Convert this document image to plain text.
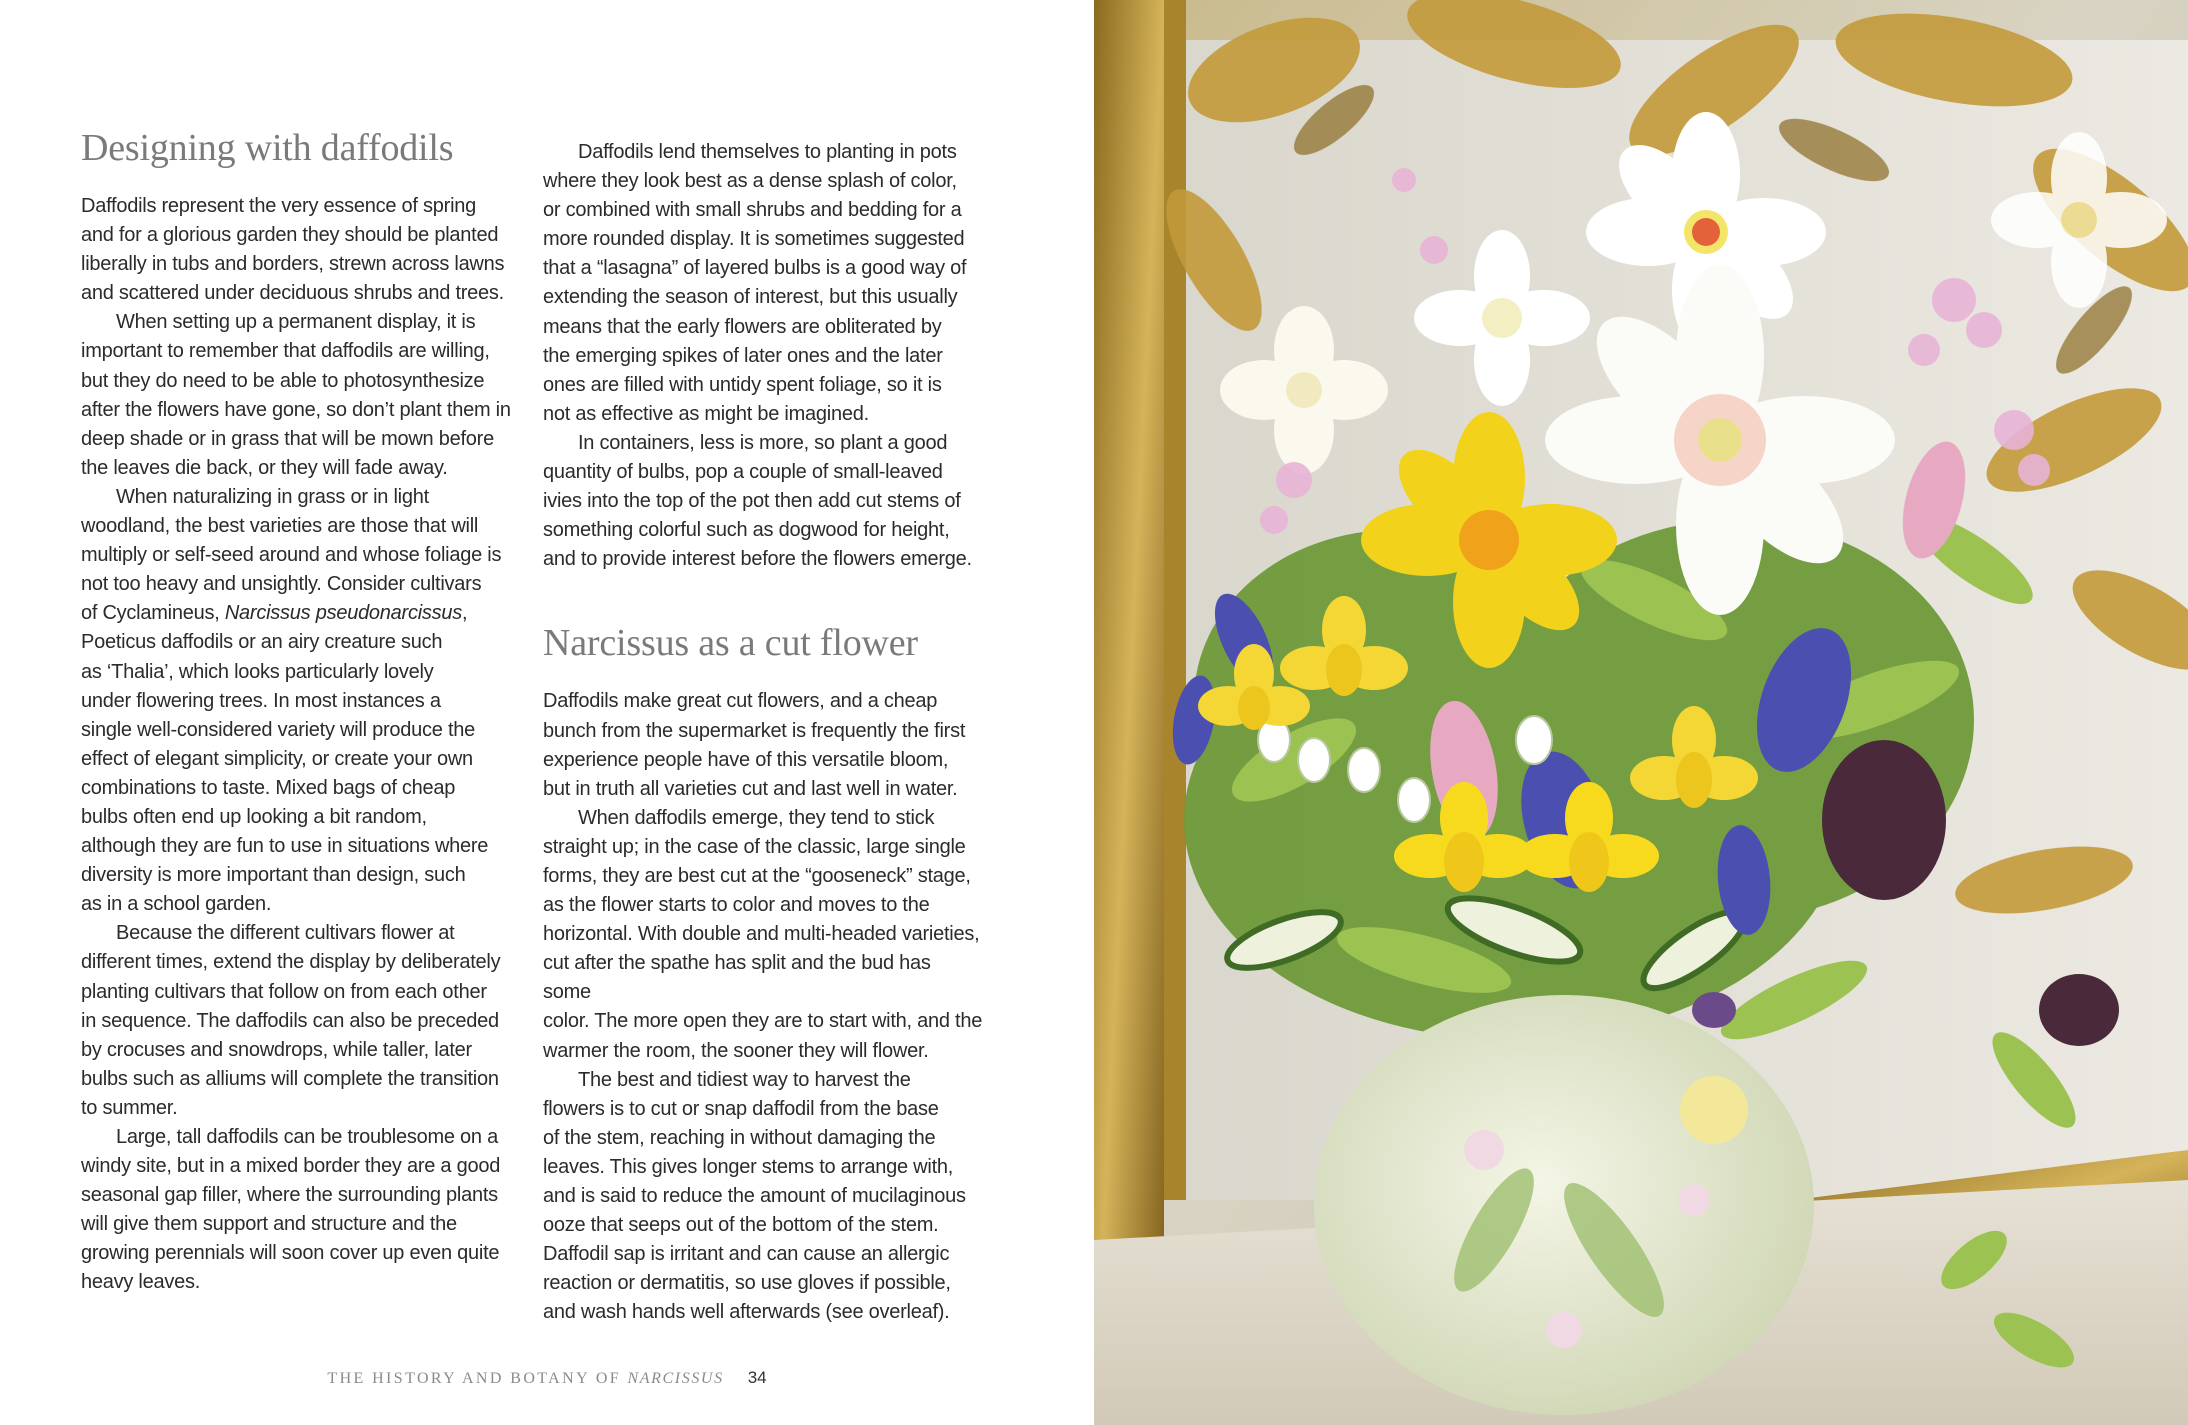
Designing with daffodils

Daffodils represent the very essence of spring
and for a glorious garden they should be planted
liberally in tubs and borders, strewn across lawns
and scattered under deciduous shrubs and trees.

When setting up a permanent display, it is
important to remember that daffodils are willing,
but they do need to be able to photosynthesize
after the flowers have gone, so don’t plant them in
deep shade or in grass that will be mown before
the leaves die back, or they will fade away.

When naturalizing in grass or in light
woodland, the best varieties are those that will
multiply or self-seed around and whose foliage is
not too heavy and unsightly. Consider cultivars
of Cyclamineus, Narcissus pseudonarcissus,
Poeticus daffodils or an airy creature such
as ‘Thalia’, which looks particularly lovely
under flowering trees. In most instances a
single well-considered variety will produce the
effect of elegant simplicity, or create your own
combinations to taste. Mixed bags of cheap
bulbs often end up looking a bit random,
although they are fun to use in situations where
diversity is more important than design, such
as in a school garden.

Because the different cultivars flower at
different times, extend the display by deliberately
planting cultivars that follow on from each other
in sequence. The daffodils can also be preceded
by crocuses and snowdrops, while taller, later
bulbs such as alliums will complete the transition
to summer.

Large, tall daffodils can be troublesome on a
windy site, but in a mixed border they are a good
seasonal gap filler, where the surrounding plants
will give them support and structure and the
growing perennials will soon cover up even quite
heavy leaves.

Daffodils lend themselves to planting in pots
where they look best as a dense splash of color,
or combined with small shrubs and bedding for a
more rounded display. It is sometimes suggested
that a “lasagna” of layered bulbs is a good way of
extending the season of interest, but this usually
means that the early flowers are obliterated by
the emerging spikes of later ones and the later
ones are filled with untidy spent foliage, so it is
not as effective as might be imagined.

In containers, less is more, so plant a good
quantity of bulbs, pop a couple of small-leaved
ivies into the top of the pot then add cut stems of
something colorful such as dogwood for height,
and to provide interest before the flowers emerge.

Narcissus as a cut flower

Daffodils make great cut flowers, and a cheap
bunch from the supermarket is frequently the first
experience people have of this versatile bloom,
but in truth all varieties cut and last well in water.

When daffodils emerge, they tend to stick
straight up; in the case of the classic, large single
forms, they are best cut at the “gooseneck” stage,
as the flower starts to color and moves to the
horizontal. With double and multi-headed varieties,
cut after the spathe has split and the bud has some
color. The more open they are to start with, and the
warmer the room, the sooner they will flower.

The best and tidiest way to harvest the
flowers is to cut or snap daffodil from the base
of the stem, reaching in without damaging the
leaves. This gives longer stems to arrange with,
and is said to reduce the amount of mucilaginous
ooze that seeps out of the bottom of the stem.
Daffodil sap is irritant and can cause an allergic
reaction or dermatitis, so use gloves if possible,
and wash hands well afterwards (see overleaf).

THE HISTORY AND BOTANY OF NARCISSUS 34
